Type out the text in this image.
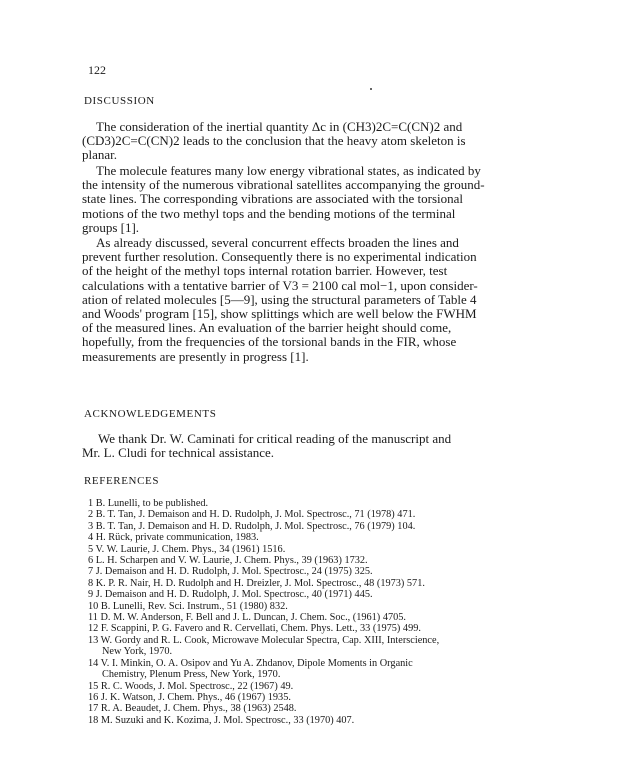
122
DISCUSSION
The consideration of the inertial quantity Δc in (CH3)2C=C(CN)2 and
(CD3)2C=C(CN)2 leads to the conclusion that the heavy atom skeleton is
planar.
The molecule features many low energy vibrational states, as indicated by
the intensity of the numerous vibrational satellites accompanying the ground-
state lines. The corresponding vibrations are associated with the torsional
motions of the two methyl tops and the bending motions of the terminal
groups [1].
As already discussed, several concurrent effects broaden the lines and
prevent further resolution. Consequently there is no experimental indication
of the height of the methyl tops internal rotation barrier. However, test
calculations with a tentative barrier of V3 = 2100 cal mol−1, upon consider-
ation of related molecules [5—9], using the structural parameters of Table 4
and Woods' program [15], show splittings which are well below the FWHM
of the measured lines. An evaluation of the barrier height should come,
hopefully, from the frequencies of the torsional bands in the FIR, whose
measurements are presently in progress [1].
ACKNOWLEDGEMENTS
We thank Dr. W. Caminati for critical reading of the manuscript and
Mr. L. Cludi for technical assistance.
REFERENCES
1 B. Lunelli, to be published.
2 B. T. Tan, J. Demaison and H. D. Rudolph, J. Mol. Spectrosc., 71 (1978) 471.
3 B. T. Tan, J. Demaison and H. D. Rudolph, J. Mol. Spectrosc., 76 (1979) 104.
4 H. Rück, private communication, 1983.
5 V. W. Laurie, J. Chem. Phys., 34 (1961) 1516.
6 L. H. Scharpen and V. W. Laurie, J. Chem. Phys., 39 (1963) 1732.
7 J. Demaison and H. D. Rudolph, J. Mol. Spectrosc., 24 (1975) 325.
8 K. P. R. Nair, H. D. Rudolph and H. Dreizler, J. Mol. Spectrosc., 48 (1973) 571.
9 J. Demaison and H. D. Rudolph, J. Mol. Spectrosc., 40 (1971) 445.
10 B. Lunelli, Rev. Sci. Instrum., 51 (1980) 832.
11 D. M. W. Anderson, F. Bell and J. L. Duncan, J. Chem. Soc., (1961) 4705.
12 F. Scappini, P. G. Favero and R. Cervellati, Chem. Phys. Lett., 33 (1975) 499.
13 W. Gordy and R. L. Cook, Microwave Molecular Spectra, Cap. XIII, Interscience,
New York, 1970.
14 V. I. Minkin, O. A. Osipov and Yu A. Zhdanov, Dipole Moments in Organic
Chemistry, Plenum Press, New York, 1970.
15 R. C. Woods, J. Mol. Spectrosc., 22 (1967) 49.
16 J. K. Watson, J. Chem. Phys., 46 (1967) 1935.
17 R. A. Beaudet, J. Chem. Phys., 38 (1963) 2548.
18 M. Suzuki and K. Kozima, J. Mol. Spectrosc., 33 (1970) 407.
